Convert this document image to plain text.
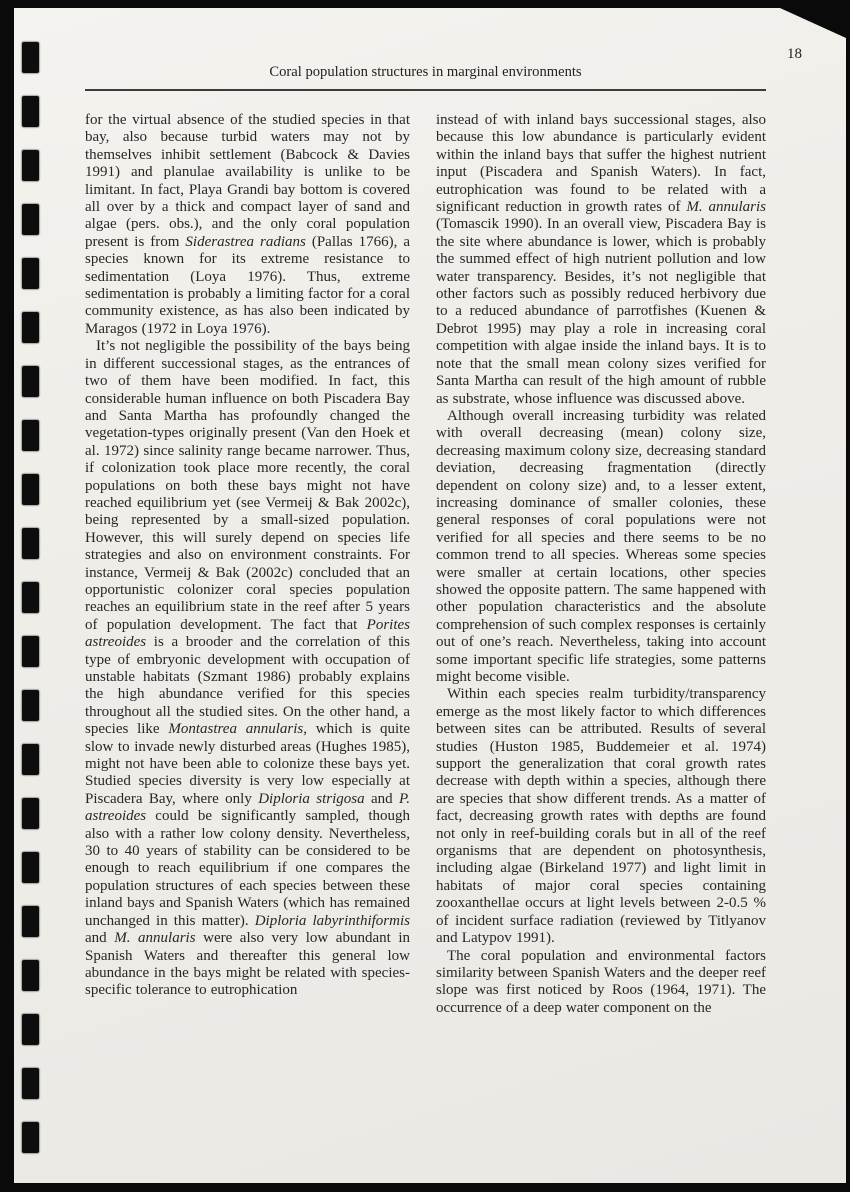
18
Coral population structures in marginal environments

for the virtual absence of the studied species in that bay, also because turbid waters may not by themselves inhibit settlement (Babcock & Davies 1991) and planulae availability is unlike to be limitant. In fact, Playa Grandi bay bottom is covered all over by a thick and compact layer of sand and algae (pers. obs.), and the only coral population present is from Siderastrea radians (Pallas 1766), a species known for its extreme resistance to sedimentation (Loya 1976). Thus, extreme sedimentation is probably a limiting factor for a coral community existence, as has also been indicated by Maragos (1972 in Loya 1976).

It’s not negligible the possibility of the bays being in different successional stages, as the entrances of two of them have been modified. In fact, this considerable human influence on both Piscadera Bay and Santa Martha has profoundly changed the vegetation-types originally present (Van den Hoek et al. 1972) since salinity range became narrower. Thus, if colonization took place more recently, the coral populations on both these bays might not have reached equilibrium yet (see Vermeij & Bak 2002c), being represented by a small-sized population. However, this will surely depend on species life strategies and also on environment constraints. For instance, Vermeij & Bak (2002c) concluded that an opportunistic colonizer coral species population reaches an equilibrium state in the reef after 5 years of population development. The fact that Porites astreoides is a brooder and the correlation of this type of embryonic development with occupation of unstable habitats (Szmant 1986) probably explains the high abundance verified for this species throughout all the studied sites. On the other hand, a species like Montastrea annularis, which is quite slow to invade newly disturbed areas (Hughes 1985), might not have been able to colonize these bays yet. Studied species diversity is very low especially at Piscadera Bay, where only Diploria strigosa and P. astreoides could be significantly sampled, though also with a rather low colony density. Nevertheless, 30 to 40 years of stability can be considered to be enough to reach equilibrium if one compares the population structures of each species between these inland bays and Spanish Waters (which has remained unchanged in this matter). Diploria labyrinthiformis and M. annularis were also very low abundant in Spanish Waters and thereafter this general low abundance in the bays might be related with species-specific tolerance to eutrophication

instead of with inland bays successional stages, also because this low abundance is particularly evident within the inland bays that suffer the highest nutrient input (Piscadera and Spanish Waters). In fact, eutrophication was found to be related with a significant reduction in growth rates of M. annularis (Tomascik 1990). In an overall view, Piscadera Bay is the site where abundance is lower, which is probably the summed effect of high nutrient pollution and low water transparency. Besides, it’s not negligible that other factors such as possibly reduced herbivory due to a reduced abundance of parrotfishes (Kuenen & Debrot 1995) may play a role in increasing coral competition with algae inside the inland bays. It is to note that the small mean colony sizes verified for Santa Martha can result of the high amount of rubble as substrate, whose influence was discussed above.

Although overall increasing turbidity was related with overall decreasing (mean) colony size, decreasing maximum colony size, decreasing standard deviation, decreasing fragmentation (directly dependent on colony size) and, to a lesser extent, increasing dominance of smaller colonies, these general responses of coral populations were not verified for all species and there seems to be no common trend to all species. Whereas some species were smaller at certain locations, other species showed the opposite pattern. The same happened with other population characteristics and the absolute comprehension of such complex responses is certainly out of one’s reach. Nevertheless, taking into account some important specific life strategies, some patterns might become visible.

Within each species realm turbidity/transparency emerge as the most likely factor to which differences between sites can be attributed. Results of several studies (Huston 1985, Buddemeier et al. 1974) support the generalization that coral growth rates decrease with depth within a species, although there are species that show different trends. As a matter of fact, decreasing growth rates with depths are found not only in reef-building corals but in all of the reef organisms that are dependent on photosynthesis, including algae (Birkeland 1977) and light limit in habitats of major coral species containing zooxanthellae occurs at light levels between 2-0.5 % of incident surface radiation (reviewed by Titlyanov and Latypov 1991).

The coral population and environmental factors similarity between Spanish Waters and the deeper reef slope was first noticed by Roos (1964, 1971). The occurrence of a deep water component on the
